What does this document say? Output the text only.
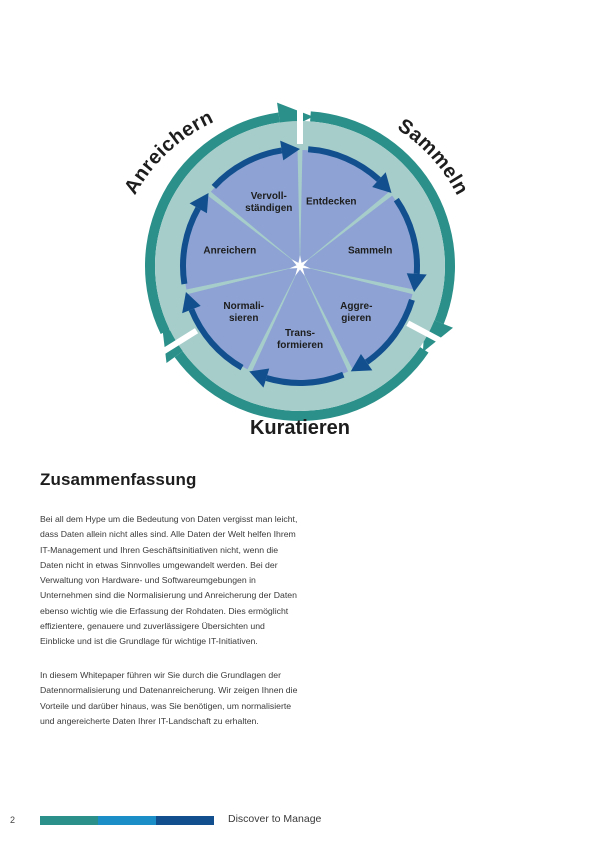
Anreichern	Sammeln
Kuratieren
Entdecken
Sammeln
Aggre-gieren
Trans-formieren
Normali-sieren
Anreichern
Vervoll-ständigen
Zusammenfassung

Bei all dem Hype um die Bedeutung von Daten vergisst man leicht, dass Daten allein nicht alles sind. Alle Daten der Welt helfen Ihrem IT-Management und Ihren Geschäftsinitiativen nicht, wenn die Daten nicht in etwas Sinnvolles umgewandelt werden. Bei der Verwaltung von Hardware- und Softwareumgebungen in Unternehmen sind die Normalisierung und Anreicherung der Daten ebenso wichtig wie die Erfassung der Rohdaten. Dies ermöglicht effizientere, genauere und zuverlässigere Übersichten und Einblicke und ist die Grundlage für wichtige IT-Initiativen.

In diesem Whitepaper führen wir Sie durch die Grundlagen der Datennormalisierung und Datenanreicherung. Wir zeigen Ihnen die Vorteile und darüber hinaus, was Sie benötigen, um normalisierte und angereicherte Daten Ihrer IT-Landschaft zu erhalten.

2	Discover to Manage
